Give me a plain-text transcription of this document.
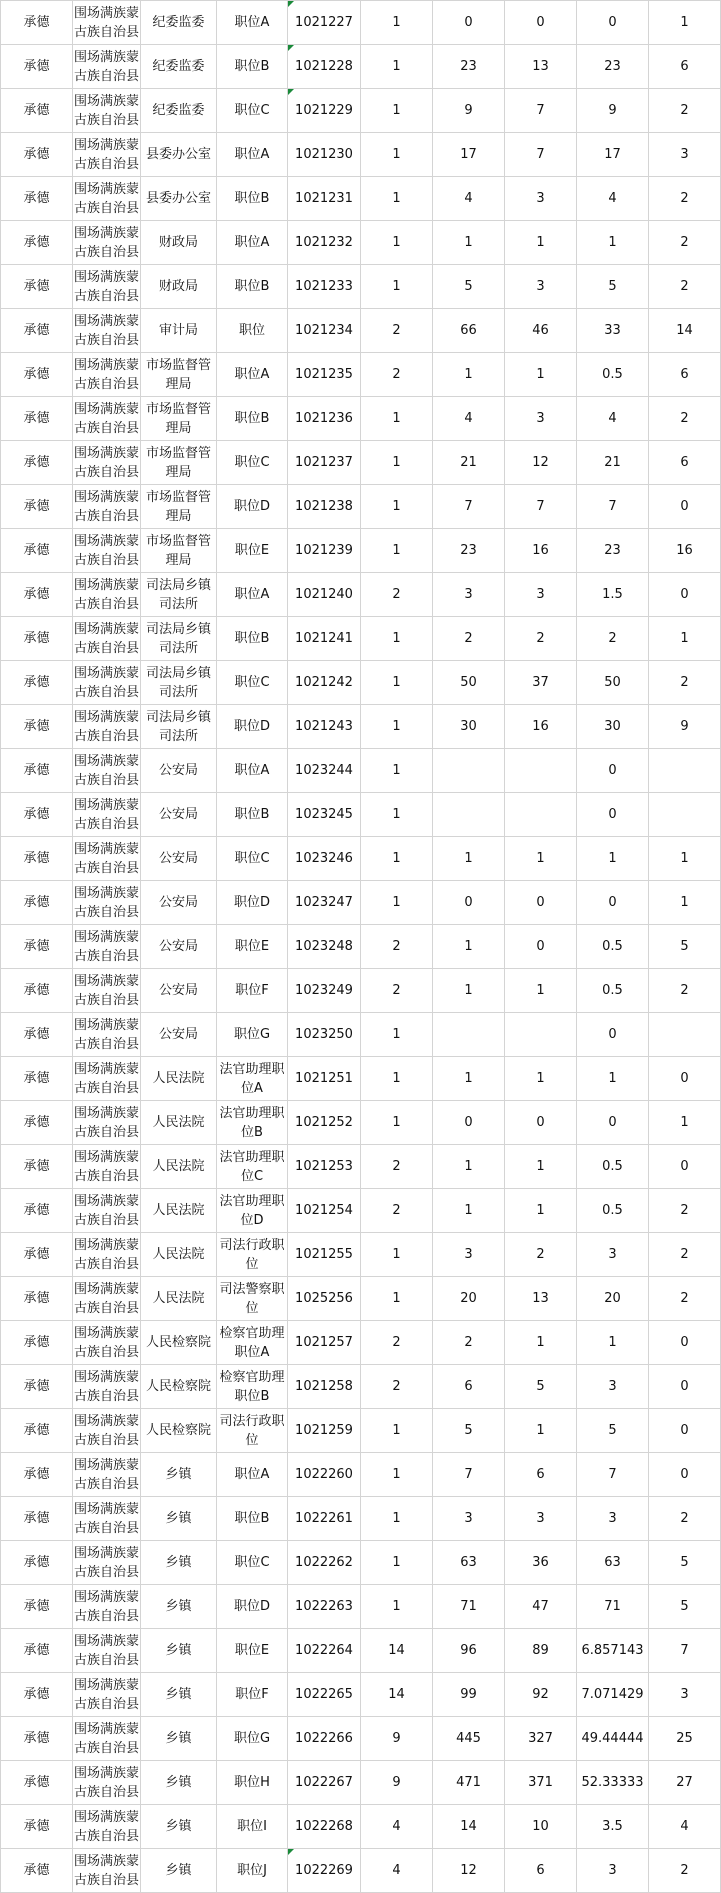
承德	围场满族蒙古族自治县	纪委监委	职位A	1021227	1	0	0	0	1
承德	围场满族蒙古族自治县	纪委监委	职位B	1021228	1	23	13	23	6
承德	围场满族蒙古族自治县	纪委监委	职位C	1021229	1	9	7	9	2
承德	围场满族蒙古族自治县	县委办公室	职位A	1021230	1	17	7	17	3
承德	围场满族蒙古族自治县	县委办公室	职位B	1021231	1	4	3	4	2
承德	围场满族蒙古族自治县	财政局	职位A	1021232	1	1	1	1	2
承德	围场满族蒙古族自治县	财政局	职位B	1021233	1	5	3	5	2
承德	围场满族蒙古族自治县	审计局	职位	1021234	2	66	46	33	14
承德	围场满族蒙古族自治县	市场监督管理局	职位A	1021235	2	1	1	0.5	6
承德	围场满族蒙古族自治县	市场监督管理局	职位B	1021236	1	4	3	4	2
承德	围场满族蒙古族自治县	市场监督管理局	职位C	1021237	1	21	12	21	6
承德	围场满族蒙古族自治县	市场监督管理局	职位D	1021238	1	7	7	7	0
承德	围场满族蒙古族自治县	市场监督管理局	职位E	1021239	1	23	16	23	16
承德	围场满族蒙古族自治县	司法局乡镇司法所	职位A	1021240	2	3	3	1.5	0
承德	围场满族蒙古族自治县	司法局乡镇司法所	职位B	1021241	1	2	2	2	1
承德	围场满族蒙古族自治县	司法局乡镇司法所	职位C	1021242	1	50	37	50	2
承德	围场满族蒙古族自治县	司法局乡镇司法所	职位D	1021243	1	30	16	30	9
承德	围场满族蒙古族自治县	公安局	职位A	1023244	1			0	
承德	围场满族蒙古族自治县	公安局	职位B	1023245	1			0	
承德	围场满族蒙古族自治县	公安局	职位C	1023246	1	1	1	1	1
承德	围场满族蒙古族自治县	公安局	职位D	1023247	1	0	0	0	1
承德	围场满族蒙古族自治县	公安局	职位E	1023248	2	1	0	0.5	5
承德	围场满族蒙古族自治县	公安局	职位F	1023249	2	1	1	0.5	2
承德	围场满族蒙古族自治县	公安局	职位G	1023250	1			0	
承德	围场满族蒙古族自治县	人民法院	法官助理职位A	1021251	1	1	1	1	0
承德	围场满族蒙古族自治县	人民法院	法官助理职位B	1021252	1	0	0	0	1
承德	围场满族蒙古族自治县	人民法院	法官助理职位C	1021253	2	1	1	0.5	0
承德	围场满族蒙古族自治县	人民法院	法官助理职位D	1021254	2	1	1	0.5	2
承德	围场满族蒙古族自治县	人民法院	司法行政职位	1021255	1	3	2	3	2
承德	围场满族蒙古族自治县	人民法院	司法警察职位	1025256	1	20	13	20	2
承德	围场满族蒙古族自治县	人民检察院	检察官助理职位A	1021257	2	2	1	1	0
承德	围场满族蒙古族自治县	人民检察院	检察官助理职位B	1021258	2	6	5	3	0
承德	围场满族蒙古族自治县	人民检察院	司法行政职位	1021259	1	5	1	5	0
承德	围场满族蒙古族自治县	乡镇	职位A	1022260	1	7	6	7	0
承德	围场满族蒙古族自治县	乡镇	职位B	1022261	1	3	3	3	2
承德	围场满族蒙古族自治县	乡镇	职位C	1022262	1	63	36	63	5
承德	围场满族蒙古族自治县	乡镇	职位D	1022263	1	71	47	71	5
承德	围场满族蒙古族自治县	乡镇	职位E	1022264	14	96	89	6.857143	7
承德	围场满族蒙古族自治县	乡镇	职位F	1022265	14	99	92	7.071429	3
承德	围场满族蒙古族自治县	乡镇	职位G	1022266	9	445	327	49.44444	25
承德	围场满族蒙古族自治县	乡镇	职位H	1022267	9	471	371	52.33333	27
承德	围场满族蒙古族自治县	乡镇	职位I	1022268	4	14	10	3.5	4
承德	围场满族蒙古族自治县	乡镇	职位J	1022269	4	12	6	3	2
